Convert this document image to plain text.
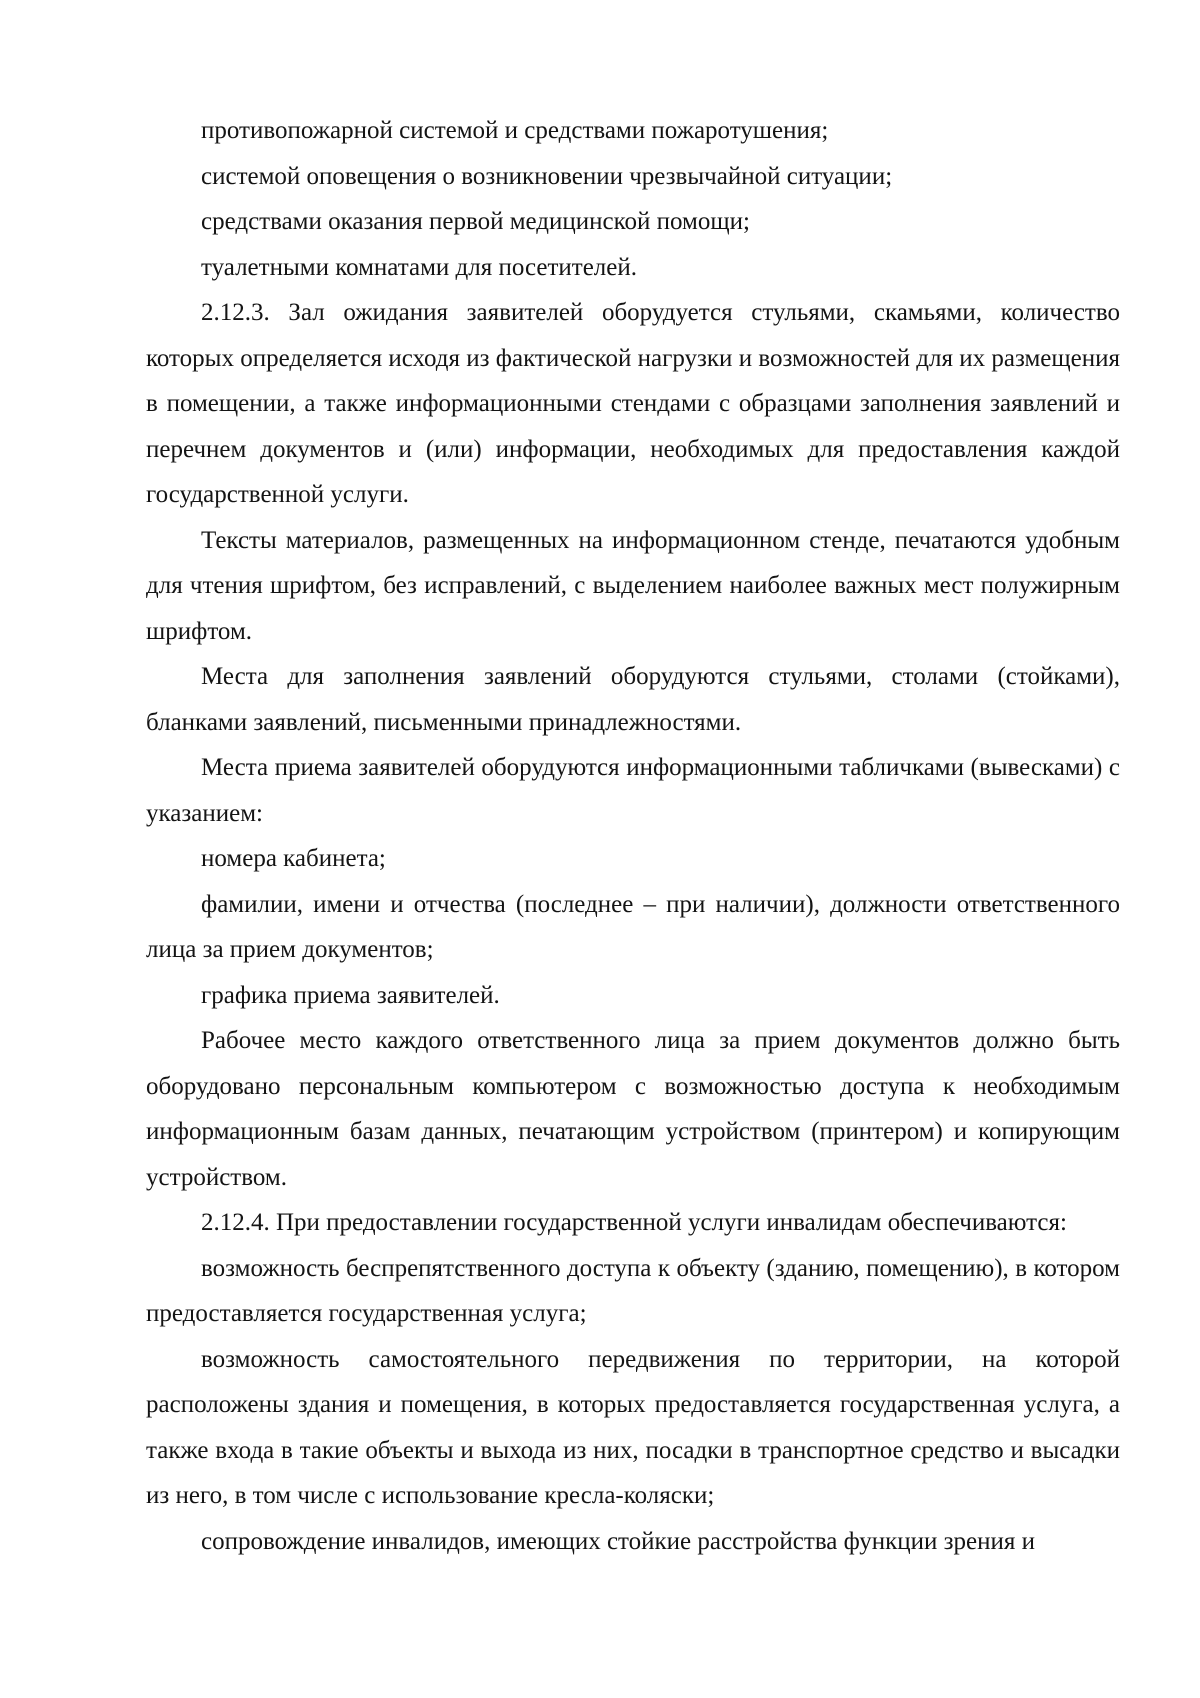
противопожарной системой и средствами пожаротушения;

системой оповещения о возникновении чрезвычайной ситуации;

средствами оказания первой медицинской помощи;

туалетными комнатами для посетителей.

2.12.3. Зал ожидания заявителей оборудуется стульями, скамьями, количество которых определяется исходя из фактической нагрузки и возможностей для их размещения в помещении, а также информационными стендами с образцами заполнения заявлений и перечнем документов и (или) информации, необходимых для предоставления каждой государственной услуги.

Тексты материалов, размещенных на информационном стенде, печатаются удобным для чтения шрифтом, без исправлений, с выделением наиболее важных мест полужирным шрифтом.

Места для заполнения заявлений оборудуются стульями, столами (стойками), бланками заявлений, письменными принадлежностями.

Места приема заявителей оборудуются информационными табличками (вывесками) с указанием:

номера кабинета;

фамилии, имени и отчества (последнее – при наличии), должности ответственного лица за прием документов;

графика приема заявителей.

Рабочее место каждого ответственного лица за прием документов должно быть оборудовано персональным компьютером с возможностью доступа к необходимым информационным базам данных, печатающим устройством (принтером) и копирующим устройством.

2.12.4. При предоставлении государственной услуги инвалидам обеспечиваются:

возможность беспрепятственного доступа к объекту (зданию, помещению), в котором предоставляется государственная услуга;

возможность самостоятельного передвижения по территории, на которой расположены здания и помещения, в которых предоставляется государственная услуга, а также входа в такие объекты и выхода из них, посадки в транспортное средство и высадки из него, в том числе с использование кресла-коляски;

сопровождение инвалидов, имеющих стойкие расстройства функции зрения и
